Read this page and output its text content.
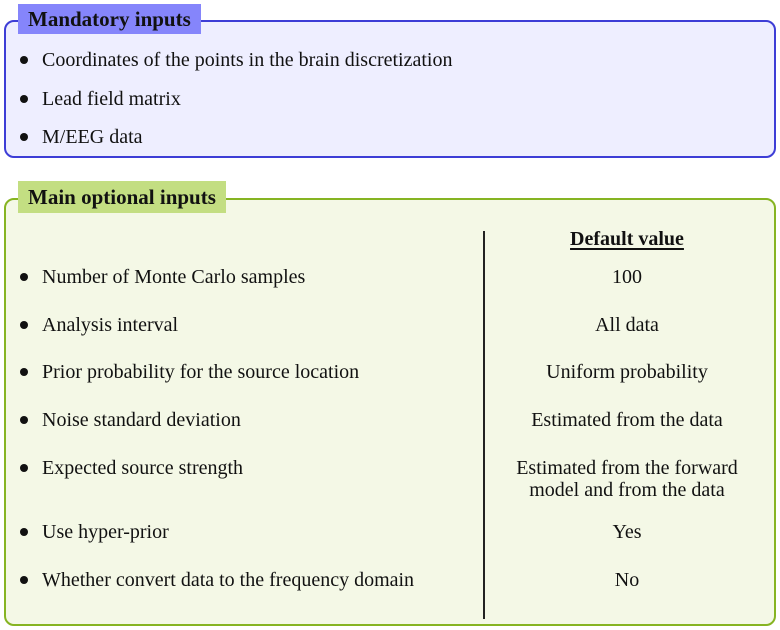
Mandatory inputs
Coordinates of the points in the brain discretization
Lead field matrix
M/EEG data
Main optional inputs
Default value
Number of Monte Carlo samples	100
Analysis interval	All data
Prior probability for the source location	Uniform probability
Noise standard deviation	Estimated from the data
Expected source strength	Estimated from the forward
model and from the data
Use hyper-prior	Yes
Whether convert data to the frequency domain	No
